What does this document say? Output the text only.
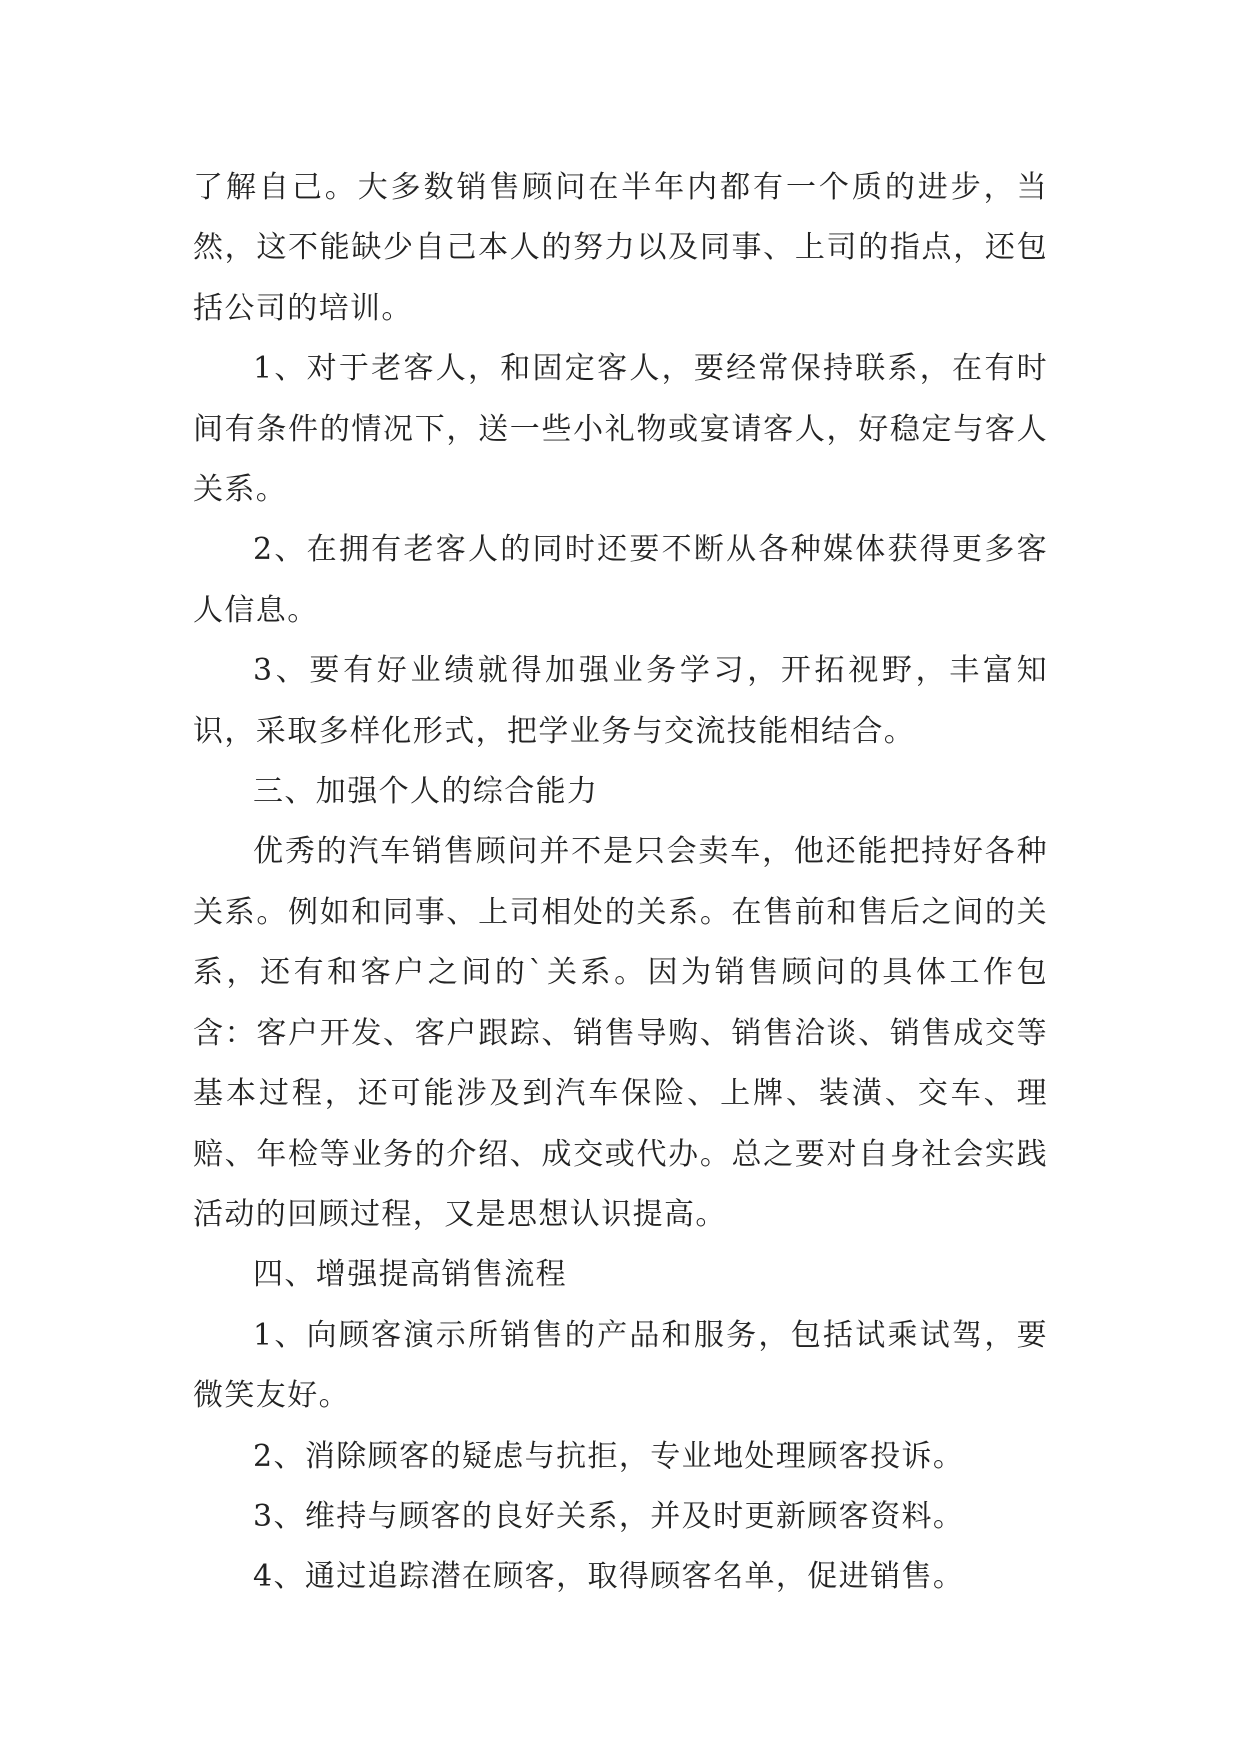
了解自己。大多数销售顾问在半年内都有一个质的进步，当然，这不能缺少自己本人的努力以及同事、上司的指点，还包括公司的培训。

1、对于老客人，和固定客人，要经常保持联系，在有时间有条件的情况下，送一些小礼物或宴请客人，好稳定与客人关系。

2、在拥有老客人的同时还要不断从各种媒体获得更多客人信息。

3、要有好业绩就得加强业务学习，开拓视野，丰富知识，采取多样化形式，把学业务与交流技能相结合。

三、加强个人的综合能力

优秀的汽车销售顾问并不是只会卖车，他还能把持好各种关系。例如和同事、上司相处的关系。在售前和售后之间的关系，还有和客户之间的`关系。因为销售顾问的具体工作包含：客户开发、客户跟踪、销售导购、销售洽谈、销售成交等基本过程，还可能涉及到汽车保险、上牌、装潢、交车、理赔、年检等业务的介绍、成交或代办。总之要对自身社会实践活动的回顾过程，又是思想认识提高。

四、增强提高销售流程

1、向顾客演示所销售的产品和服务，包括试乘试驾，要微笑友好。

2、消除顾客的疑虑与抗拒，专业地处理顾客投诉。

3、维持与顾客的良好关系，并及时更新顾客资料。

4、通过追踪潜在顾客，取得顾客名单，促进销售。
